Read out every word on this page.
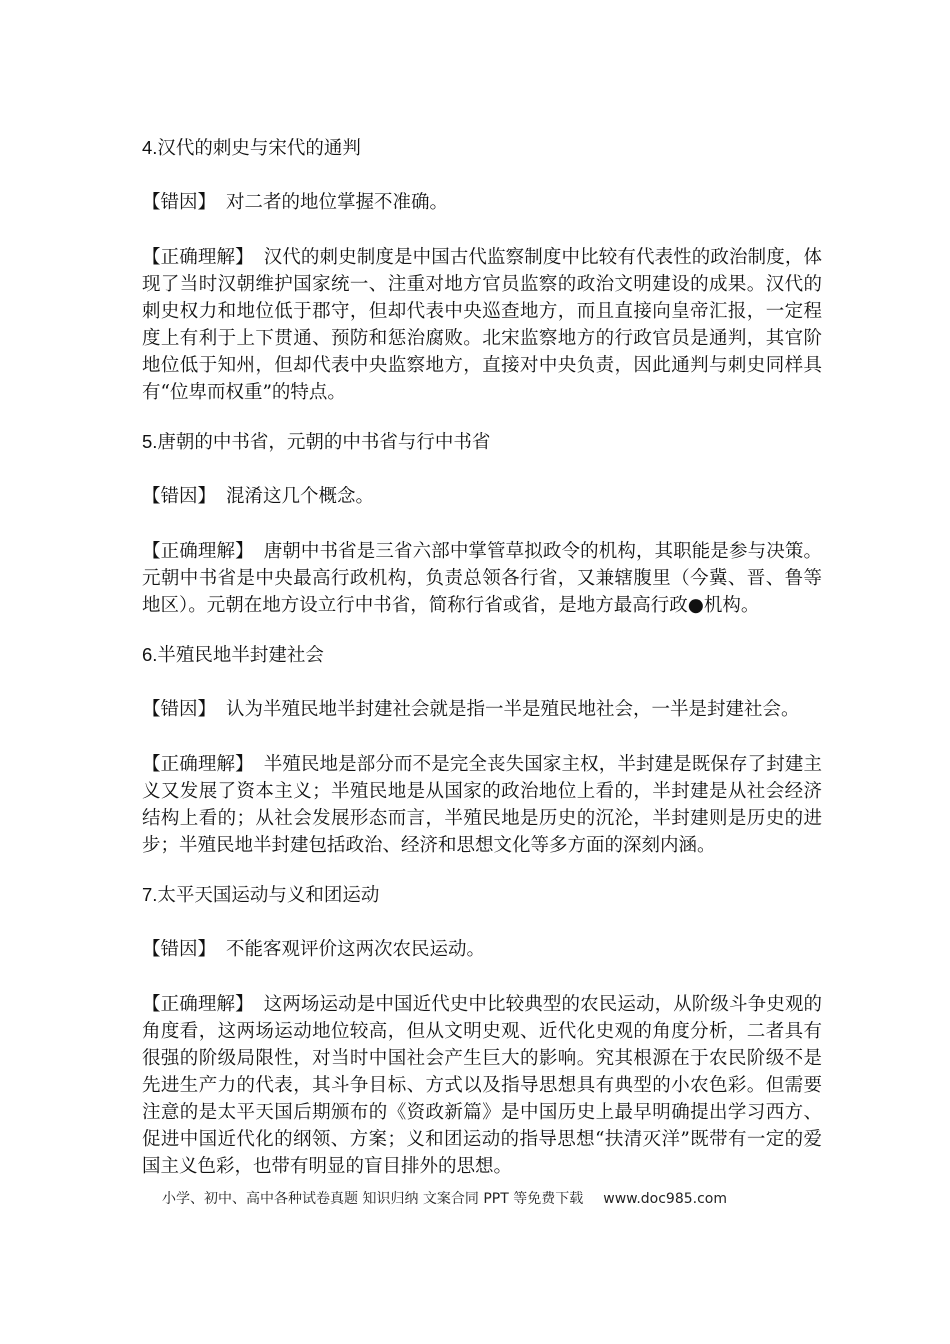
4.汉代的刺史与宋代的通判

【错因】 对二者的地位掌握不准确。

【正确理解】 汉代的刺史制度是中国古代监察制度中比较有代表性的政治制度，体现了当时汉朝维护国家统一、注重对地方官员监察的政治文明建设的成果。汉代的刺史权力和地位低于郡守，但却代表中央巡查地方，而且直接向皇帝汇报，一定程度上有利于上下贯通、预防和惩治腐败。北宋监察地方的行政官员是通判，其官阶地位低于知州，但却代表中央监察地方，直接对中央负责，因此通判与刺史同样具有“位卑而权重”的特点。

5.唐朝的中书省，元朝的中书省与行中书省

【错因】 混淆这几个概念。

【正确理解】 唐朝中书省是三省六部中掌管草拟政令的机构，其职能是参与决策。元朝中书省是中央最高行政机构，负责总领各行省，又兼辖腹里（今冀、晋、鲁等地区）。元朝在地方设立行中书省，简称行省或省，是地方最高行政●机构。

6.半殖民地半封建社会

【错因】 认为半殖民地半封建社会就是指一半是殖民地社会，一半是封建社会。

【正确理解】 半殖民地是部分而不是完全丧失国家主权，半封建是既保存了封建主义又发展了资本主义；半殖民地是从国家的政治地位上看的，半封建是从社会经济结构上看的；从社会发展形态而言，半殖民地是历史的沉沦，半封建则是历史的进步；半殖民地半封建包括政治、经济和思想文化等多方面的深刻内涵。

7.太平天国运动与义和团运动

【错因】 不能客观评价这两次农民运动。

【正确理解】 这两场运动是中国近代史中比较典型的农民运动，从阶级斗争史观的角度看，这两场运动地位较高，但从文明史观、近代化史观的角度分析，二者具有很强的阶级局限性，对当时中国社会产生巨大的影响。究其根源在于农民阶级不是先进生产力的代表，其斗争目标、方式以及指导思想具有典型的小农色彩。但需要注意的是太平天国后期颁布的《资政新篇》是中国历史上最早明确提出学习西方、促进中国近代化的纲领、方案；义和团运动的指导思想“扶清灭洋”既带有一定的爱国主义色彩，也带有明显的盲目排外的思想。

小学、初中、高中各种试卷真题 知识归纳 文案合同 PPT 等免费下载 www.doc985.com
